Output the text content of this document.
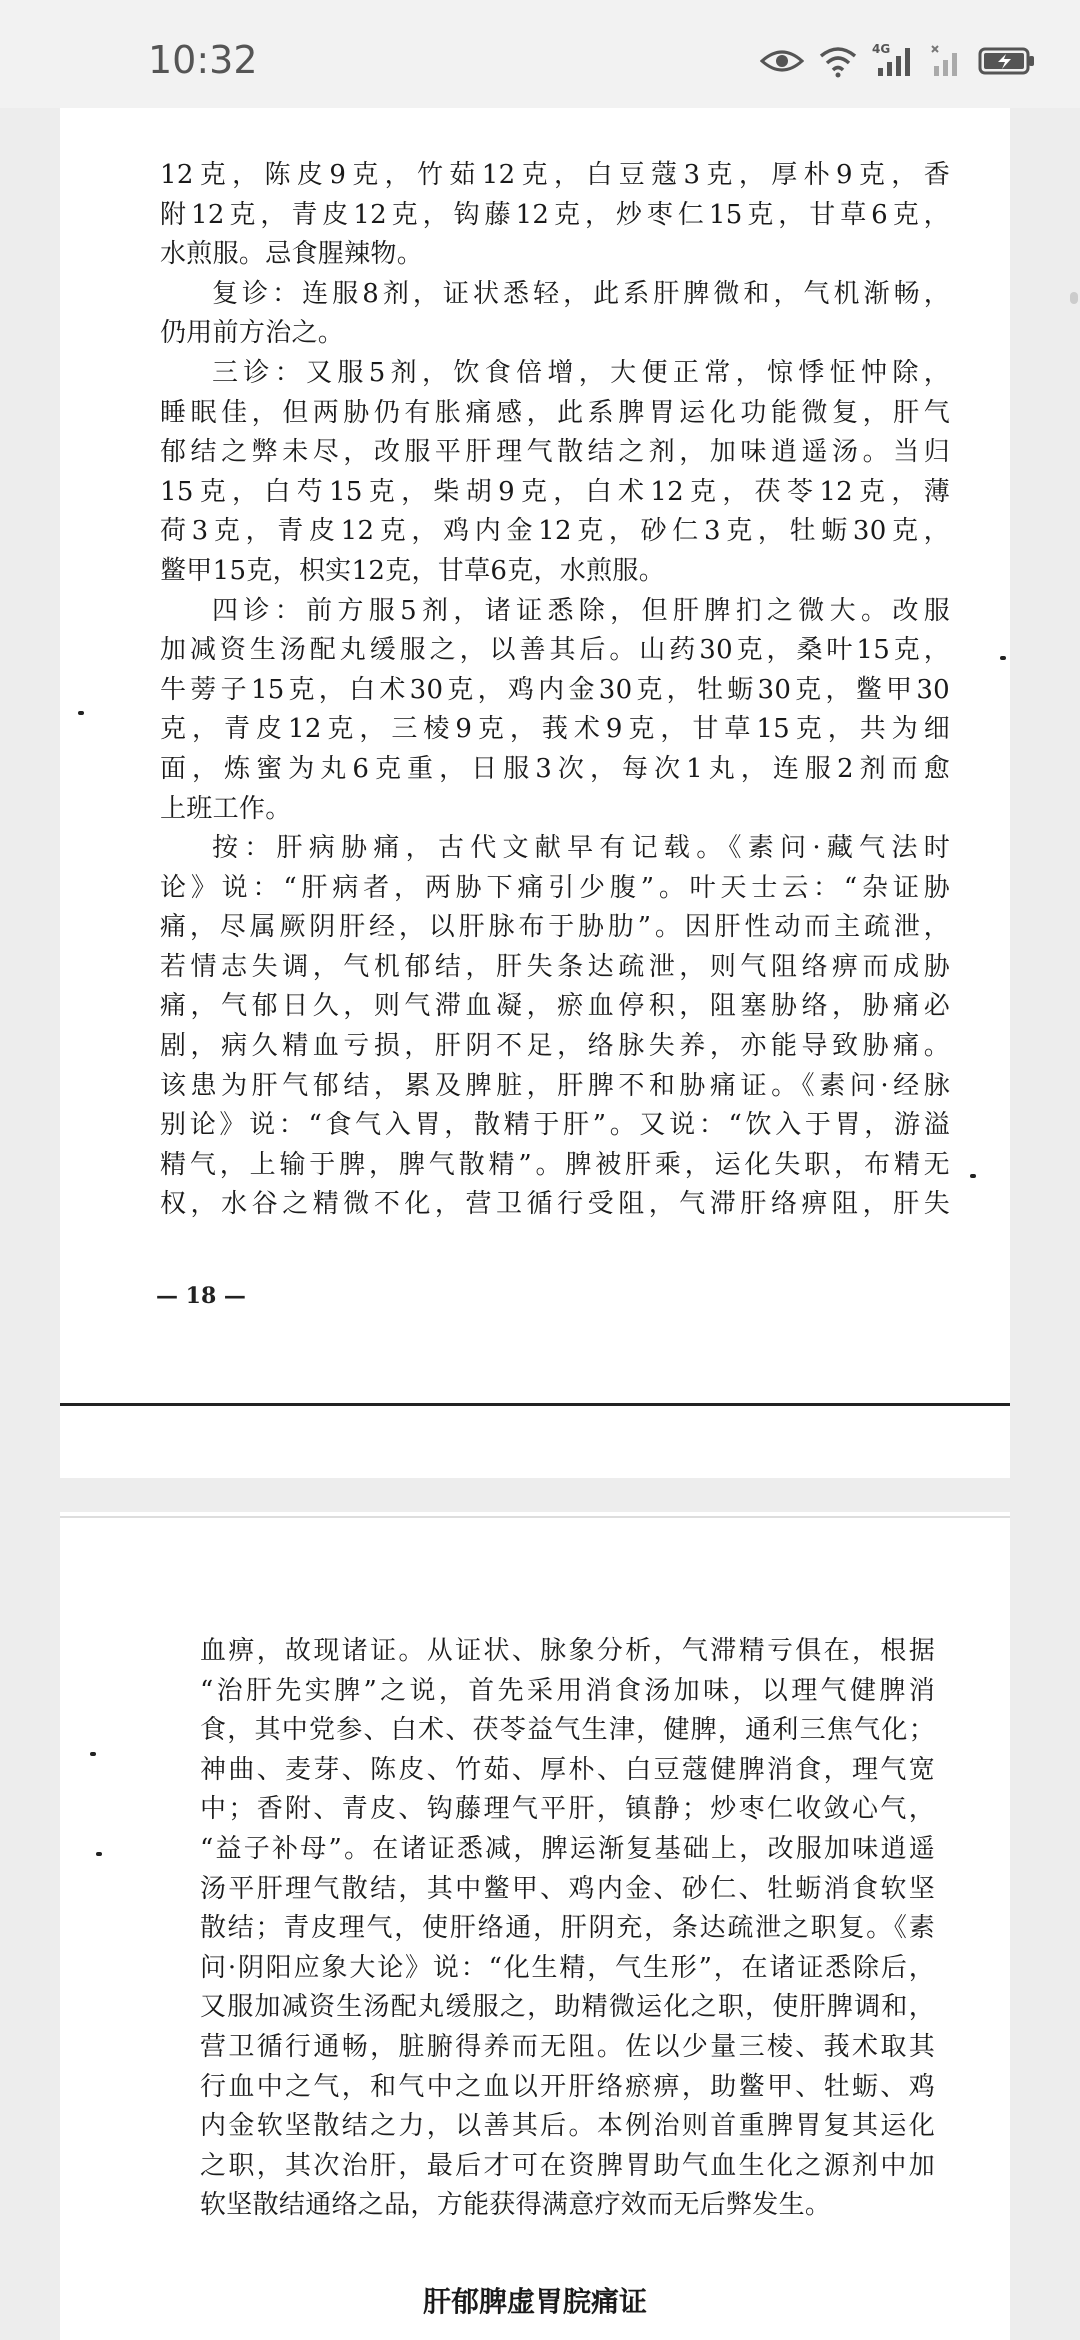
10:32	4G
12克，陈皮9克，竹茹12克，白豆蔻3克，厚朴9克，香
附12克，青皮12克，钩藤12克，炒枣仁15克，甘草6克，
水煎服。忌食腥辣物。
复诊：连服8剂，证状悉轻，此系肝脾微和，气机渐畅，
仍用前方治之。
三诊：又服5剂，饮食倍增，大便正常，惊悸怔忡除，
睡眠佳，但两胁仍有胀痛感，此系脾胃运化功能微复，肝气
郁结之弊未尽，改服平肝理气散结之剂，加味逍遥汤。当归
15克，白芍15克，柴胡9克，白术12克，茯苓12克，薄
荷3克，青皮12克，鸡内金12克，砂仁3克，牡蛎30克，
鳖甲15克，枳实12克，甘草6克，水煎服。
四诊：前方服5剂，诸证悉除，但肝脾扪之微大。改服
加减资生汤配丸缓服之，以善其后。山药30克，桑叶15克，
牛蒡子15克，白术30克，鸡内金30克，牡蛎30克，鳖甲30
克，青皮12克，三棱9克，莪术9克，甘草15克，共为细
面，炼蜜为丸6克重，日服3次，每次1丸，连服2剂而愈
上班工作。
按：肝病胁痛，古代文献早有记载。《素问·藏气法时
论》说：“肝病者，两胁下痛引少腹”。叶天士云：“杂证胁
痛，尽属厥阴肝经，以肝脉布于胁肋”。因肝性动而主疏泄，
若情志失调，气机郁结，肝失条达疏泄，则气阻络痹而成胁
痛，气郁日久，则气滞血凝，瘀血停积，阻塞胁络，胁痛必
剧，病久精血亏损，肝阴不足，络脉失养，亦能导致胁痛。
该患为肝气郁结，累及脾脏，肝脾不和胁痛证。《素问·经脉
别论》说：“食气入胃，散精于肝”。又说：“饮入于胃，游溢
精气，上输于脾，脾气散精”。脾被肝乘，运化失职，布精无
权，水谷之精微不化，营卫循行受阻，气滞肝络痹阻，肝失
— 18 —
血痹，故现诸证。从证状、脉象分析，气滞精亏俱在，根据
“治肝先实脾”之说，首先采用消食汤加味，以理气健脾消
食，其中党参、白术、茯苓益气生津，健脾，通利三焦气化；
神曲、麦芽、陈皮、竹茹、厚朴、白豆蔻健脾消食，理气宽
中；香附、青皮、钩藤理气平肝，镇静；炒枣仁收敛心气，
“益子补母”。在诸证悉减，脾运渐复基础上，改服加味逍遥
汤平肝理气散结，其中鳖甲、鸡内金、砂仁、牡蛎消食软坚
散结；青皮理气，使肝络通，肝阴充，条达疏泄之职复。《素
问·阴阳应象大论》说：“化生精，气生形”，在诸证悉除后，
又服加减资生汤配丸缓服之，助精微运化之职，使肝脾调和，
营卫循行通畅，脏腑得养而无阻。佐以少量三棱、莪术取其
行血中之气，和气中之血以开肝络瘀痹，助鳖甲、牡蛎、鸡
内金软坚散结之力，以善其后。本例治则首重脾胃复其运化
之职，其次治肝，最后才可在资脾胃助气血生化之源剂中加
软坚散结通络之品，方能获得满意疗效而无后弊发生。
肝郁脾虚胃脘痛证
